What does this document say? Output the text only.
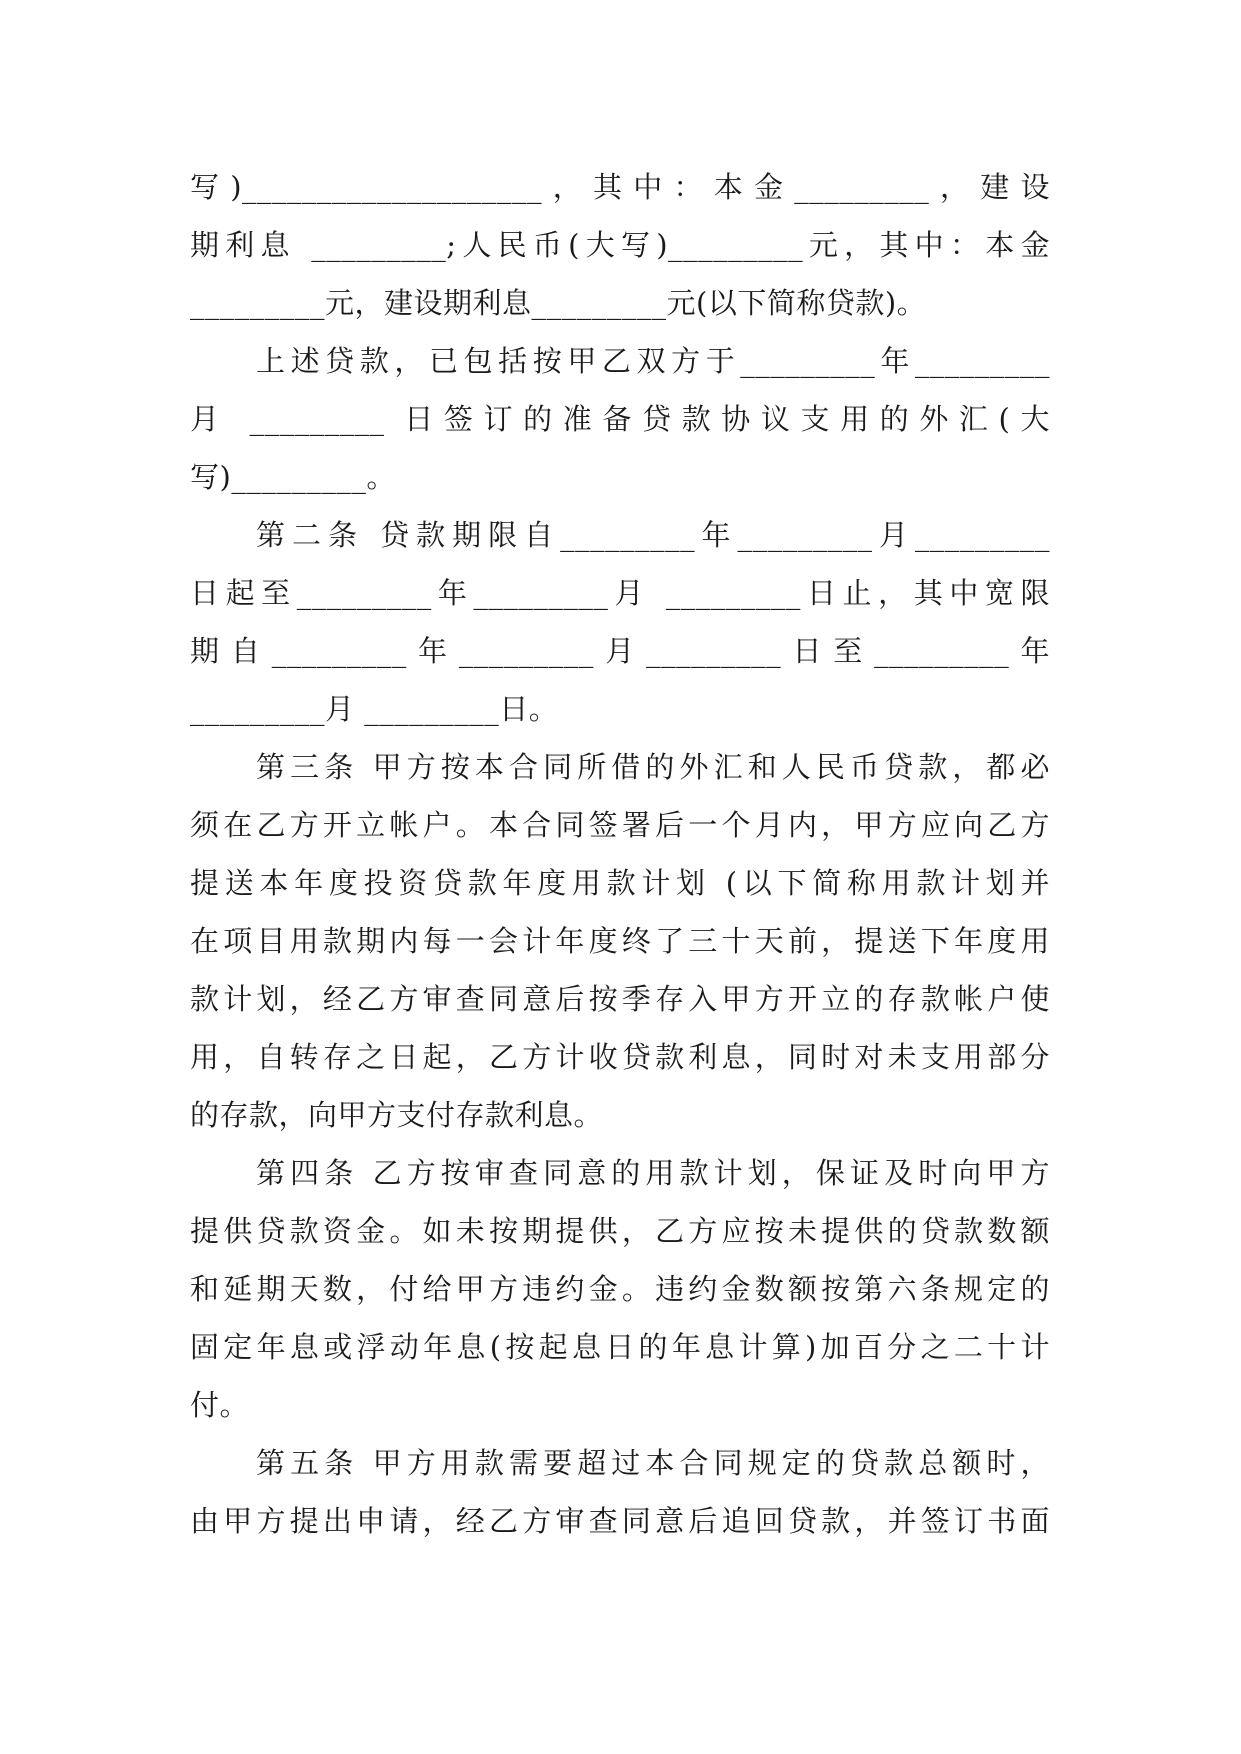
写)____________________，其中：本金_________，建设
期利息 _________;人民币(大写)_________元，其中：本金
_________元，建设期利息_________元(以下简称贷款)。
上述贷款，已包括按甲乙双方于_________年_________
月 _________ 日签订的准备贷款协议支用的外汇(大
写)_________。
第二条 贷款期限自_________年_________月_________
日起至_________年_________月 _________日止，其中宽限
期自_________年_________月_________日至_________年
_________月 _________日。
第三条 甲方按本合同所借的外汇和人民币贷款，都必
须在乙方开立帐户。本合同签署后一个月内，甲方应向乙方
提送本年度投资贷款年度用款计划 (以下简称用款计划并
在项目用款期内每一会计年度终了三十天前，提送下年度用
款计划，经乙方审查同意后按季存入甲方开立的存款帐户使
用，自转存之日起，乙方计收贷款利息，同时对未支用部分
的存款，向甲方支付存款利息。
第四条 乙方按审查同意的用款计划，保证及时向甲方
提供贷款资金。如未按期提供，乙方应按未提供的贷款数额
和延期天数，付给甲方违约金。违约金数额按第六条规定的
固定年息或浮动年息(按起息日的年息计算)加百分之二十计
付。
第五条 甲方用款需要超过本合同规定的贷款总额时，
由甲方提出申请，经乙方审查同意后追回贷款，并签订书面
